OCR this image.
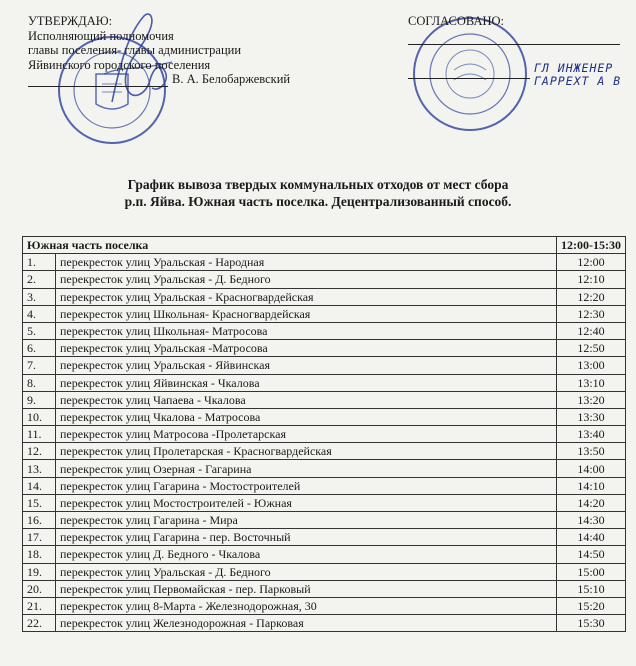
УТВЕРЖДАЮ:
Исполняющий полномочия
главы поселения- главы администрации
Яйвинского городского поселения
В. А. Белобаржевский
СОГЛАСОВАНО:
ГЛ ИНЖЕНЕР
ГАРРЕХТ А В
График вывоза твердых коммунальных отходов от мест сбора
р.п. Яйва. Южная часть поселка. Децентрализованный способ.
Южная часть поселка		12:00-15:30
1.	перекресток улиц Уральская - Народная	12:00
2.	перекресток улиц Уральская - Д. Бедного	12:10
3.	перекресток улиц Уральская - Красногвардейская	12:20
4.	перекресток улиц Школьная- Красногвардейская	12:30
5.	перекресток улиц Школьная- Матросова	12:40
6.	перекресток улиц Уральская -Матросова	12:50
7.	перекресток улиц Уральская - Яйвинская	13:00
8.	перекресток улиц Яйвинская - Чкалова	13:10
9.	перекресток улиц Чапаева - Чкалова	13:20
10.	перекресток улиц Чкалова - Матросова	13:30
11.	перекресток улиц Матросова -Пролетарская	13:40
12.	перекресток улиц Пролетарская - Красногвардейская	13:50
13.	перекресток улиц Озерная - Гагарина	14:00
14.	перекресток улиц Гагарина - Мостостроителей	14:10
15.	перекресток улиц Мостостроителей - Южная	14:20
16.	перекресток улиц Гагарина - Мира	14:30
17.	перекресток улиц Гагарина - пер. Восточный	14:40
18.	перекресток улиц Д. Бедного - Чкалова	14:50
19.	перекресток улиц Уральская - Д. Бедного	15:00
20.	перекресток улиц Первомайская - пер. Парковый	15:10
21.	перекресток улиц 8-Марта - Железнодорожная, 30	15:20
22.	перекресток улиц Железнодорожная - Парковая	15:30
